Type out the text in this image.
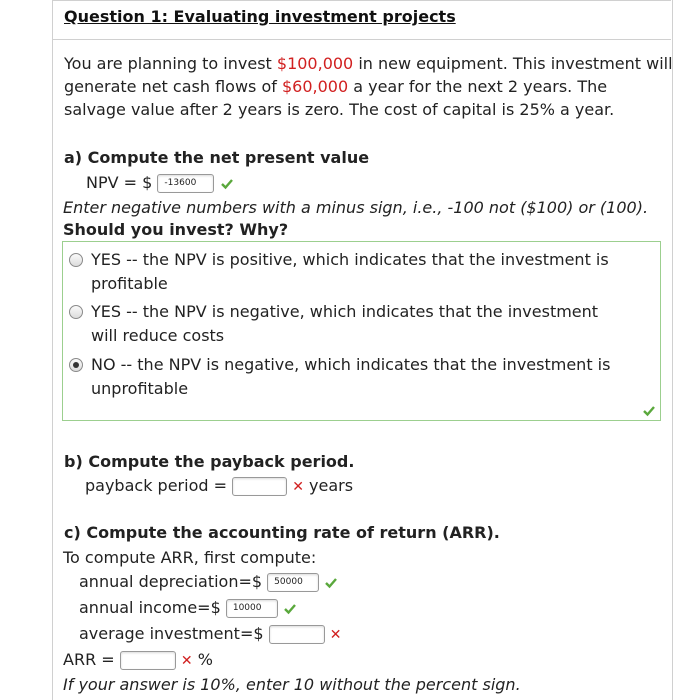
Question 1: Evaluating investment projects
You are planning to invest $100,000 in new equipment. This investment will generate net cash flows of $60,000 a year for the next 2 years. The salvage value after 2 years is zero. The cost of capital is 25% a year.
a) Compute the net present value
NPV = $ -13600
Enter negative numbers with a minus sign, i.e., -100 not ($100) or (100).
Should you invest? Why?
YES -- the NPV is positive, which indicates that the investment is profitable
YES -- the NPV is negative, which indicates that the investment will reduce costs
NO -- the NPV is negative, which indicates that the investment is unprofitable
b) Compute the payback period.
payback period =	✕ years
c) Compute the accounting rate of return (ARR).
To compute ARR, first compute:
annual depreciation=$ 50000
annual income=$ 10000
average investment=$	✕
ARR =	✕ %
If your answer is 10%, enter 10 without the percent sign.
